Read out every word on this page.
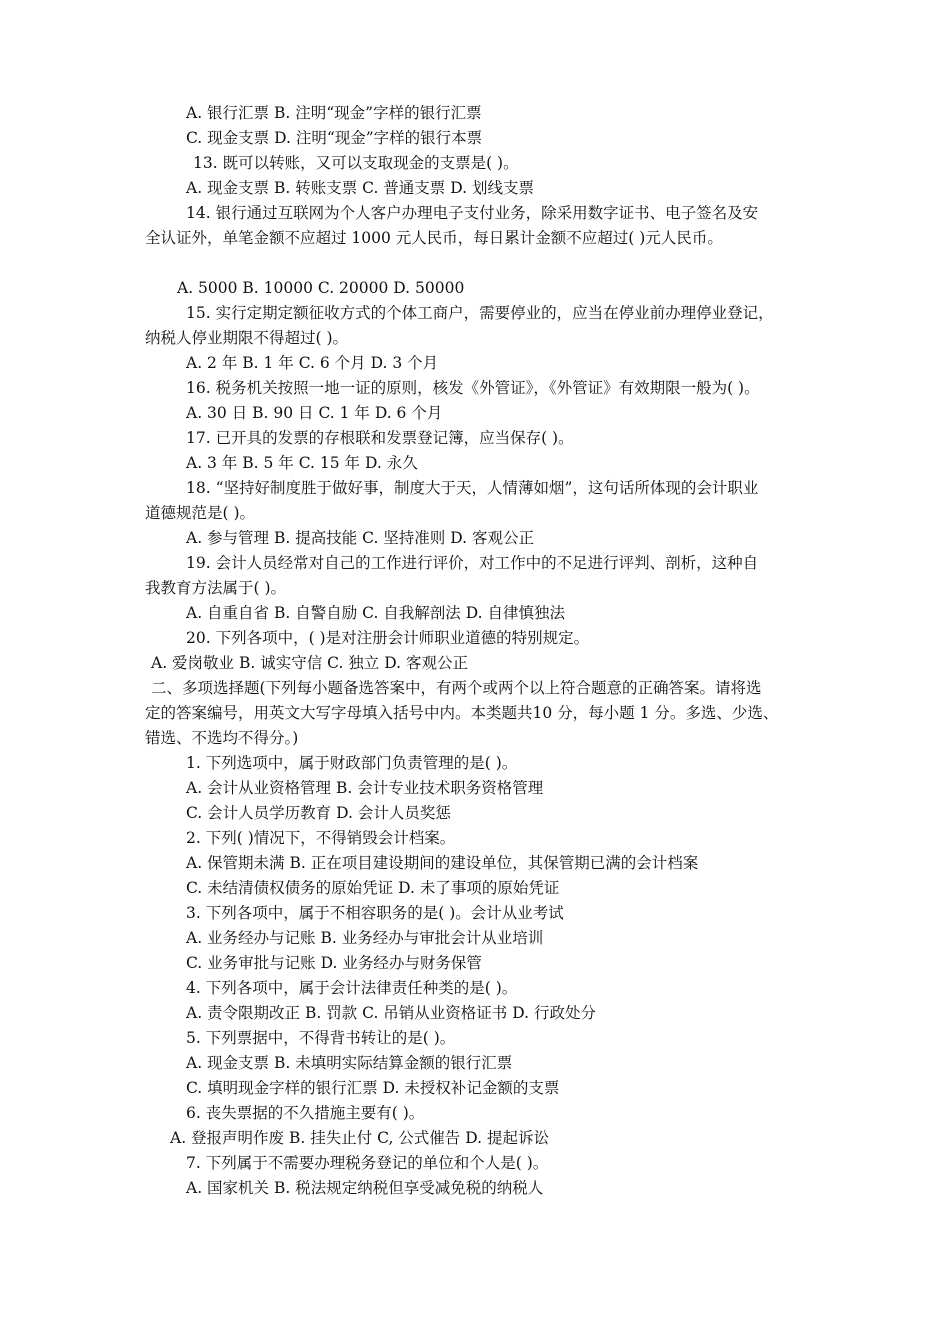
A. 银行汇票 B. 注明“现金”字样的银行汇票
C. 现金支票 D. 注明“现金”字样的银行本票
13. 既可以转账，又可以支取现金的支票是( )。
A. 现金支票 B. 转账支票 C. 普通支票 D. 划线支票
14. 银行通过互联网为个人客户办理电子支付业务，除采用数字证书、电子签名及安
全认证外，单笔金额不应超过 1000 元人民币，每日累计金额不应超过( )元人民币。
A. 5000 B. 10000 C. 20000 D. 50000
15. 实行定期定额征收方式的个体工商户，需要停业的，应当在停业前办理停业登记，
纳税人停业期限不得超过( )。
A. 2 年 B. 1 年 C. 6 个月 D. 3 个月
16. 税务机关按照一地一证的原则，核发《外管证》，《外管证》有效期限一般为( )。
A. 30 日 B. 90 日 C. 1 年 D. 6 个月
17. 已开具的发票的存根联和发票登记簿，应当保存( )。
A. 3 年 B. 5 年 C. 15 年 D. 永久
18. “坚持好制度胜于做好事，制度大于天，人情薄如烟”，这句话所体现的会计职业
道德规范是( )。
A. 参与管理 B. 提高技能 C. 坚持准则 D. 客观公正
19. 会计人员经常对自己的工作进行评价，对工作中的不足进行评判、剖析，这种自
我教育方法属于( )。
A. 自重自省 B. 自警自励 C. 自我解剖法 D. 自律慎独法
20. 下列各项中，( )是对注册会计师职业道德的特别规定。
A. 爱岗敬业 B. 诚实守信 C. 独立 D. 客观公正
二、多项选择题(下列每小题备选答案中，有两个或两个以上符合题意的正确答案。请将选
定的答案编号，用英文大写字母填入括号中内。本类题共10 分，每小题 1 分。多选、少选、
错选、不选均不得分。)
1. 下列选项中，属于财政部门负责管理的是( )。
A. 会计从业资格管理 B. 会计专业技术职务资格管理
C. 会计人员学历教育 D. 会计人员奖惩
2. 下列( )情况下，不得销毁会计档案。
A. 保管期未满 B. 正在项目建设期间的建设单位，其保管期已满的会计档案
C. 未结清债权债务的原始凭证 D. 未了事项的原始凭证
3. 下列各项中，属于不相容职务的是( )。会计从业考试
A. 业务经办与记账 B. 业务经办与审批会计从业培训
C. 业务审批与记账 D. 业务经办与财务保管
4. 下列各项中，属于会计法律责任种类的是( )。
A. 责令限期改正 B. 罚款 C. 吊销从业资格证书 D. 行政处分
5. 下列票据中，不得背书转让的是( )。
A. 现金支票 B. 未填明实际结算金额的银行汇票
C. 填明现金字样的银行汇票 D. 未授权补记金额的支票
6. 丧失票据的不久措施主要有( )。
A. 登报声明作废 B. 挂失止付 C, 公式催告 D. 提起诉讼
7. 下列属于不需要办理税务登记的单位和个人是( )。
A. 国家机关 B. 税法规定纳税但享受减免税的纳税人
